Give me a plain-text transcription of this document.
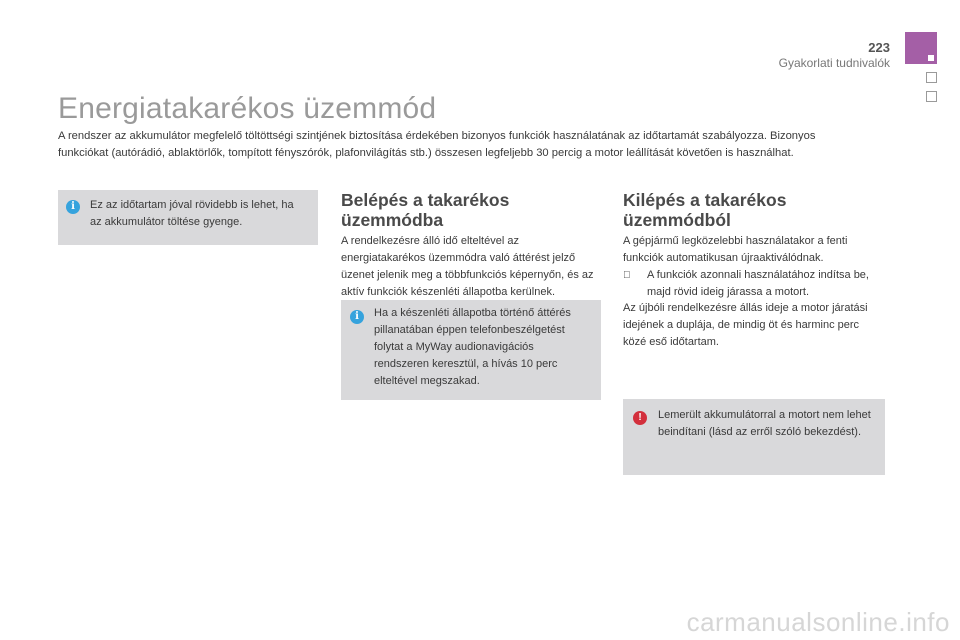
223
Gyakorlati tudnivalók
Energiatakarékos üzemmód

A rendszer az akkumulátor megfelelő töltöttségi szintjének biztosítása érdekében bizonyos funkciók használatának az időtartamát szabályozza. Bizonyos funkciókat (autórádió, ablaktörlők, tompított fényszórók, plafonvilágítás stb.) összesen legfeljebb 30 percig a motor leállítását követően is használhat.

i	Ez az időtartam jóval rövidebb is lehet, ha az akkumulátor töltése gyenge.

Belépés a takarékos üzemmódba

A rendelkezésre álló idő elteltével az energiatakarékos üzemmódra való áttérést jelző üzenet jelenik meg a többfunkciós képernyőn, és az aktív funkciók készenléti állapotba kerülnek.

i	Ha a készenléti állapotba történő áttérés pillanatában éppen telefonbeszélgetést folytat a MyWay audionavigációs rendszeren keresztül, a hívás 10 perc elteltével megszakad.

Kilépés a takarékos üzemmódból

A gépjármű legközelebbi használatakor a fenti funkciók automatikusan újraaktiválódnak.

A funkciók azonnali használatához indítsa be, majd rövid ideig járassa a motort.

Az újbóli rendelkezésre állás ideje a motor járatási idejének a duplája, de mindig öt és harminc perc közé eső időtartam.

!	Lemerült akkumulátorral a motort nem lehet beindítani (lásd az erről szóló bekezdést).

carmanualsonline.info
